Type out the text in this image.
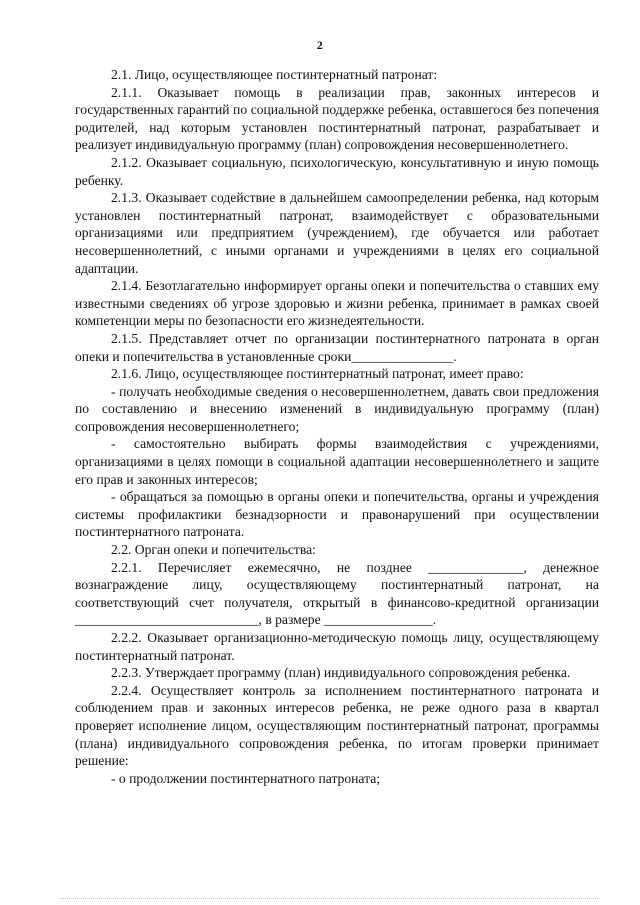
2

2.1. Лицо, осуществляющее постинтернатный патронат:

2.1.1. Оказывает помощь в реализации прав, законных интересов и государственных гарантий по социальной поддержке ребенка, оставшегося без попечения родителей, над которым установлен постинтернатный патронат, разрабатывает и реализует индивидуальную программу (план) сопровождения несовершеннолетнего.

2.1.2. Оказывает социальную, психологическую, консультативную и иную помощь ребенку.

2.1.3. Оказывает содействие в дальнейшем самоопределении ребенка, над которым установлен постинтернатный патронат, взаимодействует с образовательными организациями или предприятием (учреждением), где обучается или работает несовершеннолетний, с иными органами и учреждениями в целях его социальной адаптации.

2.1.4. Безотлагательно информирует органы опеки и попечительства о ставших ему известными сведениях об угрозе здоровью и жизни ребенка, принимает в рамках своей компетенции меры по безопасности его жизнедеятельности.

2.1.5. Представляет отчет по организации постинтернатного патроната в орган опеки и попечительства в установленные сроки_______________.

2.1.6. Лицо, осуществляющее постинтернатный патронат, имеет право:

- получать необходимые сведения о несовершеннолетнем, давать свои предложения по составлению и внесению изменений в индивидуальную программу (план) сопровождения несовершеннолетнего;

- самостоятельно выбирать формы взаимодействия с учреждениями, организациями в целях помощи в социальной адаптации несовершеннолетнего и защите его прав и законных интересов;

- обращаться за помощью в органы опеки и попечительства, органы и учреждения системы профилактики безнадзорности и правонарушений при осуществлении постинтернатного патроната.

2.2. Орган опеки и попечительства:

2.2.1. Перечисляет ежемесячно, не позднее ______________, денежное вознаграждение лицу, осуществляющему постинтернатный патронат, на соответствующий счет получателя, открытый в финансово-кредитной организации ___________________________, в размере ________________.

2.2.2. Оказывает организационно-методическую помощь лицу, осуществляющему постинтернатный патронат.

2.2.3. Утверждает программу (план) индивидуального сопровождения ребенка.

2.2.4. Осуществляет контроль за исполнением постинтернатного патроната и соблюдением прав и законных интересов ребенка, не реже одного раза в квартал проверяет исполнение лицом, осуществляющим постинтернатный патронат, программы (плана) индивидуального сопровождения ребенка, по итогам проверки принимает решение:

- о продолжении постинтернатного патроната;
